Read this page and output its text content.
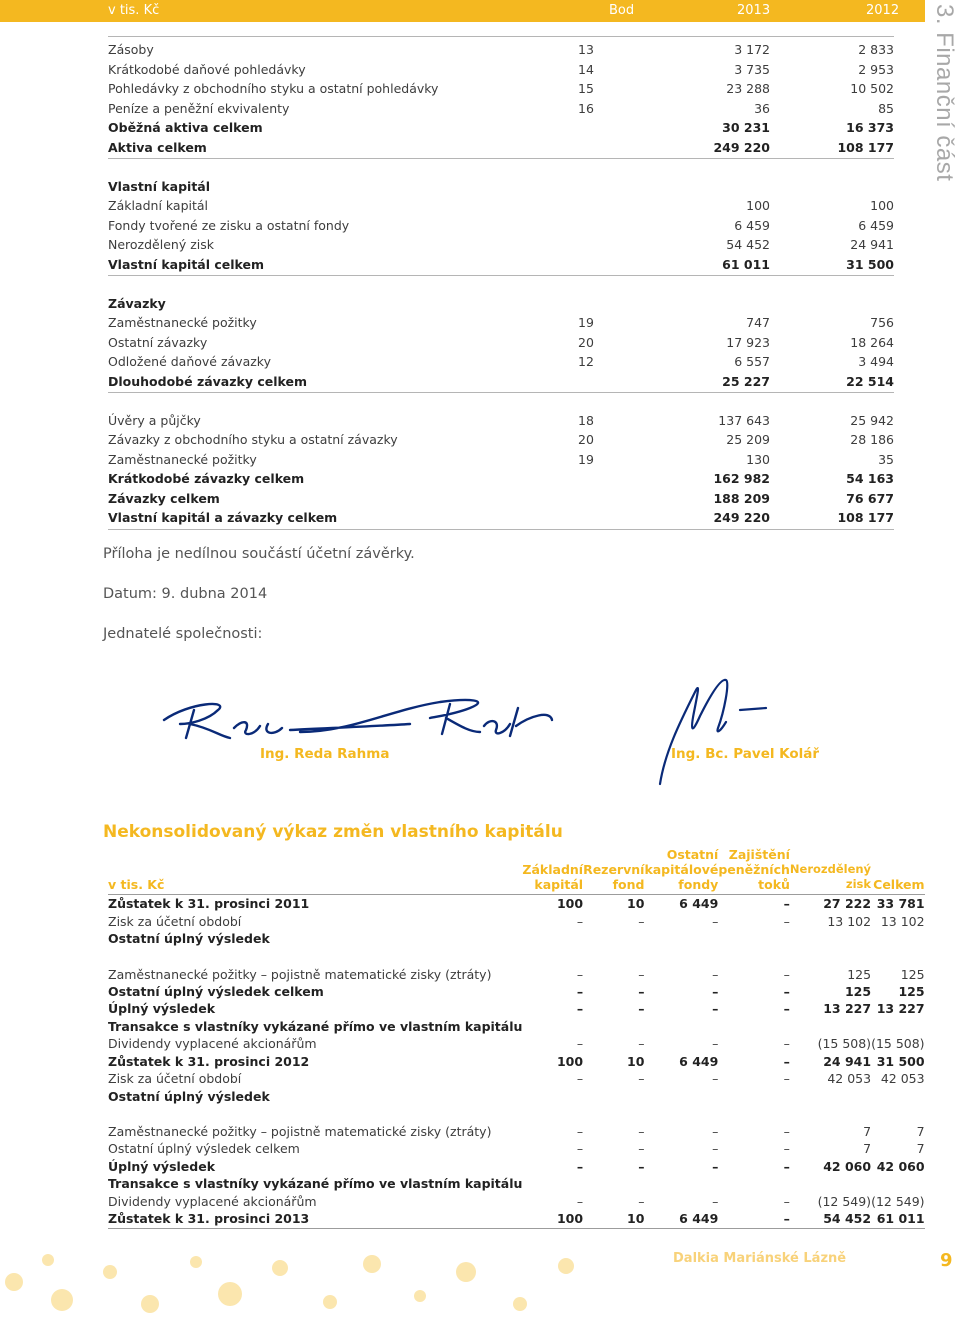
v tis. Kč	Bod	2013	2012 3. Finanční část
Zásoby	13	3 172	2 833
Krátkodobé daňové pohledávky	14	3 735	2 953
Pohledávky z obchodního styku a ostatní pohledávky	15	23 288	10 502
Peníze a peněžní ekvivalenty	16	36	85
Oběžná aktiva celkem		30 231	16 373
Aktiva celkem		249 220	108 177

Vlastní kapitál			
Základní kapitál		100	100
Fondy tvořené ze zisku a ostatní fondy		6 459	6 459
Nerozdělený zisk		54 452	24 941
Vlastní kapitál celkem		61 011	31 500

Závazky			
Zaměstnanecké požitky	19	747	756
Ostatní závazky	20	17 923	18 264
Odložené daňové závazky	12	6 557	3 494
Dlouhodobé závazky celkem		25 227	22 514

Úvěry a půjčky	18	137 643	25 942
Závazky z obchodního styku a ostatní závazky	20	25 209	28 186
Zaměstnanecké požitky	19	130	35
Krátkodobé závazky celkem		162 982	54 163
Závazky celkem		188 209	76 677
Vlastní kapitál a závazky celkem		249 220	108 177
Příloha je nedílnou součástí účetní závěrky.
Datum: 9. dubna 2014
Jednatelé společnosti:
Ing. Reda Rahma	Ing. Bc. Pavel Kolář
Nekonsolidovaný výkaz změn vlastního kapitálu
v tis. Kč	Základní kapitál	Rezervní fond	Ostatní kapitálové fondy	Zajištění peněžních toků	Nerozdělený zisk	Celkem
Zůstatek k 31. prosinci 2011	100	10	6 449	–	27 222	33 781
Zisk za účetní období	–	–	–	–	13 102	13 102
Ostatní úplný výsledek						
Zaměstnanecké požitky – pojistně matematické zisky (ztráty)	–	–	–	–	125	125
Ostatní úplný výsledek celkem	–	–	–	–	125	125
Úplný výsledek	–	–	–	–	13 227	13 227
Transakce s vlastníky vykázané přímo ve vlastním kapitálu						
Dividendy vyplacené akcionářům	–	–	–	–	(15 508)	(15 508)
Zůstatek k 31. prosinci 2012	100	10	6 449	–	24 941	31 500
Zisk za účetní období	–	–	–	–	42 053	42 053
Ostatní úplný výsledek						
Zaměstnanecké požitky – pojistně matematické zisky (ztráty)	–	–	–	–	7	7
Ostatní úplný výsledek celkem	–	–	–	–	7	7
Úplný výsledek	–	–	–	–	42 060	42 060
Transakce s vlastníky vykázané přímo ve vlastním kapitálu						
Dividendy vyplacené akcionářům	–	–	–	–	(12 549)	(12 549)
Zůstatek k 31. prosinci 2013	100	10	6 449	–	54 452	61 011
Dalkia Mariánské Lázně	9
